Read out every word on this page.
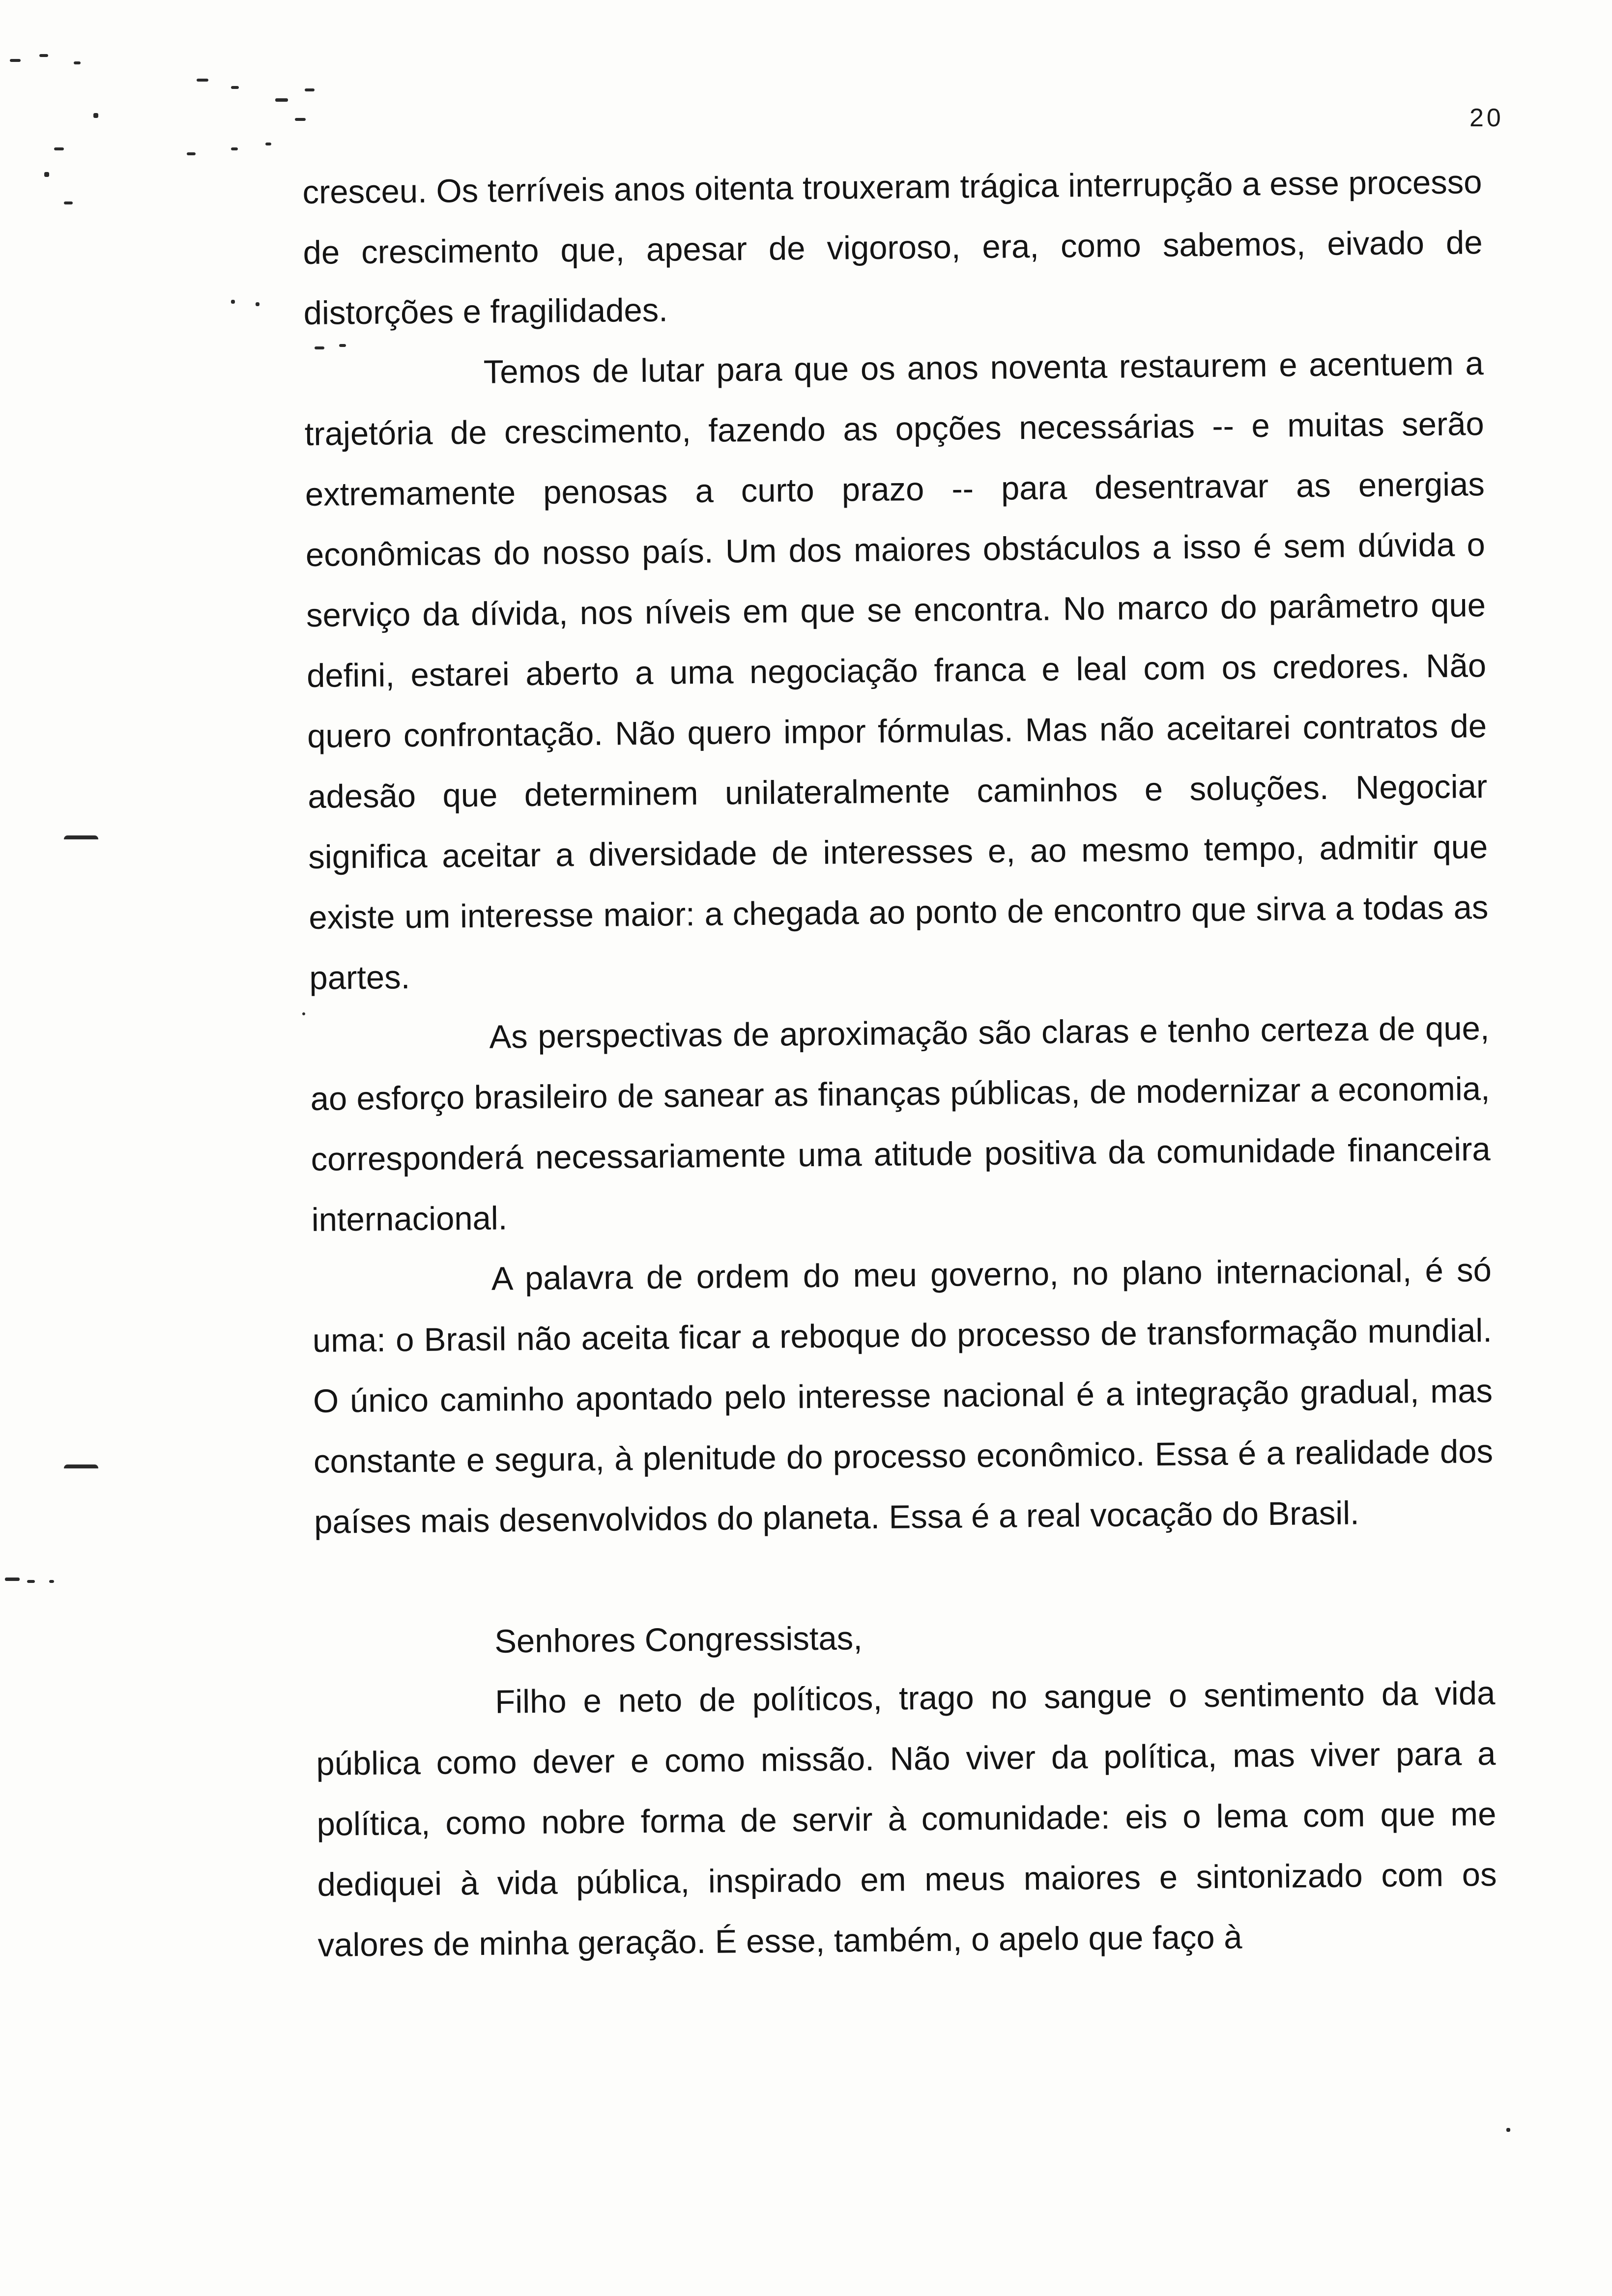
20

cresceu. Os terríveis anos oitenta trouxeram trágica interrupção a esse processo de crescimento que, apesar de vigoroso, era, como sabemos, eivado de distorções e fragilidades.

Temos de lutar para que os anos noventa restaurem e acentuem a trajetória de crescimento, fazendo as opções necessárias -- e muitas serão extremamente penosas a curto prazo -- para desentravar as energias econômicas do nosso país. Um dos maiores obstáculos a isso é sem dúvida o serviço da dívida, nos níveis em que se encontra. No marco do parâmetro que defini, estarei aberto a uma negociação franca e leal com os credores. Não quero confrontação. Não quero impor fórmulas. Mas não aceitarei contratos de adesão que determinem unilateralmente caminhos e soluções. Negociar significa aceitar a diversidade de interesses e, ao mesmo tempo, admitir que existe um interesse maior: a chegada ao ponto de encontro que sirva a todas as partes.

As perspectivas de aproximação são claras e tenho certeza de que, ao esforço brasileiro de sanear as finanças públicas, de modernizar a economia, corresponderá necessariamente uma atitude positiva da comunidade financeira internacional.

A palavra de ordem do meu governo, no plano internacional, é só uma: o Brasil não aceita ficar a reboque do processo de transformação mundial. O único caminho apontado pelo interesse nacional é a integração gradual, mas constante e segura, à plenitude do processo econômico. Essa é a realidade dos países mais desenvolvidos do planeta. Essa é a real vocação do Brasil.

Senhores Congressistas,

Filho e neto de políticos, trago no sangue o sentimento da vida pública como dever e como missão. Não viver da política, mas viver para a política, como nobre forma de servir à comunidade: eis o lema com que me dediquei à vida pública, inspirado em meus maiores e sintonizado com os valores de minha geração. É esse, também, o apelo que faço à
